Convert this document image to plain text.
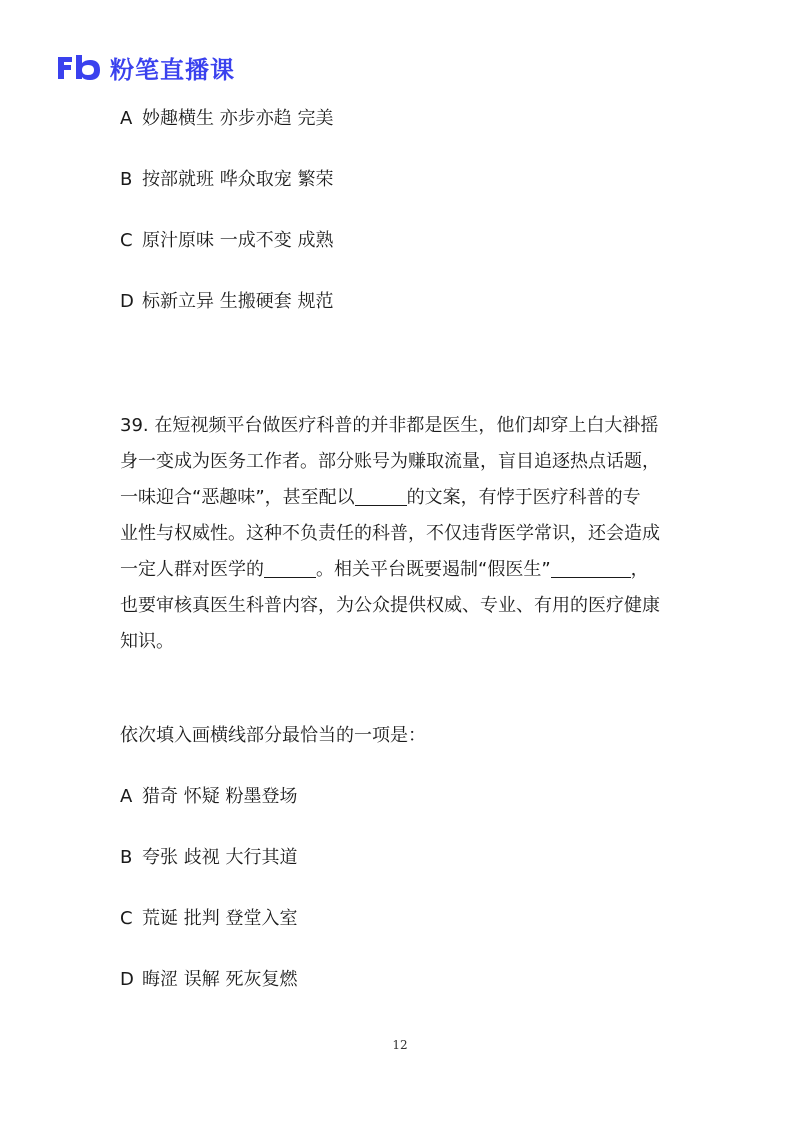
粉笔直播课
A 妙趣横生 亦步亦趋 完美
B 按部就班 哗众取宠 繁荣
C 原汁原味 一成不变 成熟
D 标新立异 生搬硬套 规范
39. 在短视频平台做医疗科普的并非都是医生，他们却穿上白大褂摇
身一变成为医务工作者。部分账号为赚取流量，盲目追逐热点话题，
一味迎合“恶趣味”，甚至配以	的文案，有悖于医疗科普的专
业性与权威性。这种不负责任的科普，不仅违背医学常识，还会造成
一定人群对医学的	。相关平台既要遏制“假医生”	，
也要审核真医生科普内容，为公众提供权威、专业、有用的医疗健康
知识。
依次填入画横线部分最恰当的一项是：
A 猎奇 怀疑 粉墨登场
B 夸张 歧视 大行其道
C 荒诞 批判 登堂入室
D 晦涩 误解 死灰复燃
12
